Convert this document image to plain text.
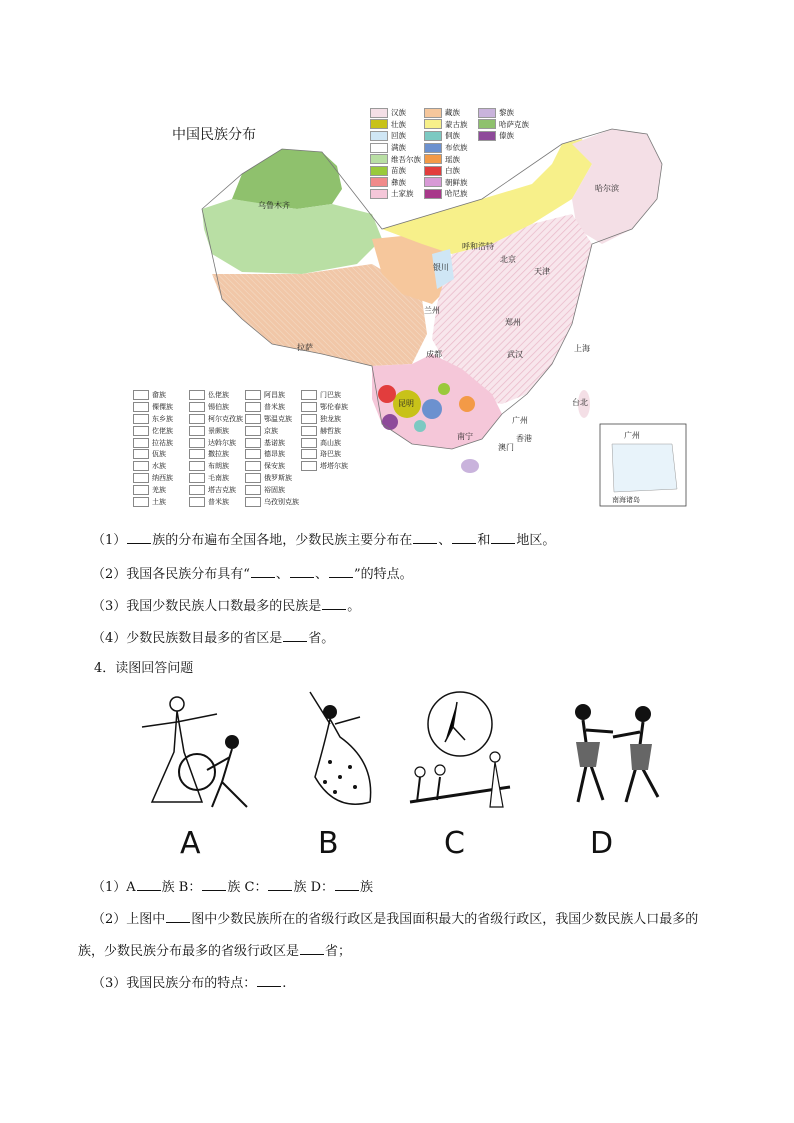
中国民族分布
乌鲁木齐
哈尔滨
呼和浩特
北京
天津
银川
兰州
郑州
拉萨
成都	武汉
上海
昆明
南宁
广州
香港
澳门
台北
广州
南海诸岛
汉族	藏族	黎族
壮族	蒙古族	哈萨克族
回族	侗族	傣族
满族	布依族
维吾尔族	瑶族
苗族	白族
彝族	朝鲜族
土家族	哈尼族
畲族	仫佬族	阿昌族	门巴族
傈僳族	锡伯族	普米族	鄂伦春族
东乡族	柯尔克孜族	鄂温克族	独龙族
仡佬族	景颇族	京族	赫哲族
拉祜族	达斡尔族	基诺族	高山族
佤族	撒拉族	德昂族	珞巴族
水族	布朗族	保安族	塔塔尔族
纳西族	毛南族	俄罗斯族
羌族	塔吉克族	裕固族
土族	普米族	乌孜别克族
（1） 族的分布遍布全国各地，少数民族主要分布在 、 和 地区。
（2）我国各民族分布具有“ 、 、 ”的特点。
（3）我国少数民族人口数最多的民族是 。
（4）少数民族数目最多的省区是 省。
4．读图回答问题
A	B	C	D
（1）A 族 B： 族 C： 族 D： 族
（2）上图中 图中少数民族所在的省级行政区是我国面积最大的省级行政区，我国少数民族人口最多的
族，少数民族分布最多的省级行政区是 省；
（3）我国民族分布的特点： .
